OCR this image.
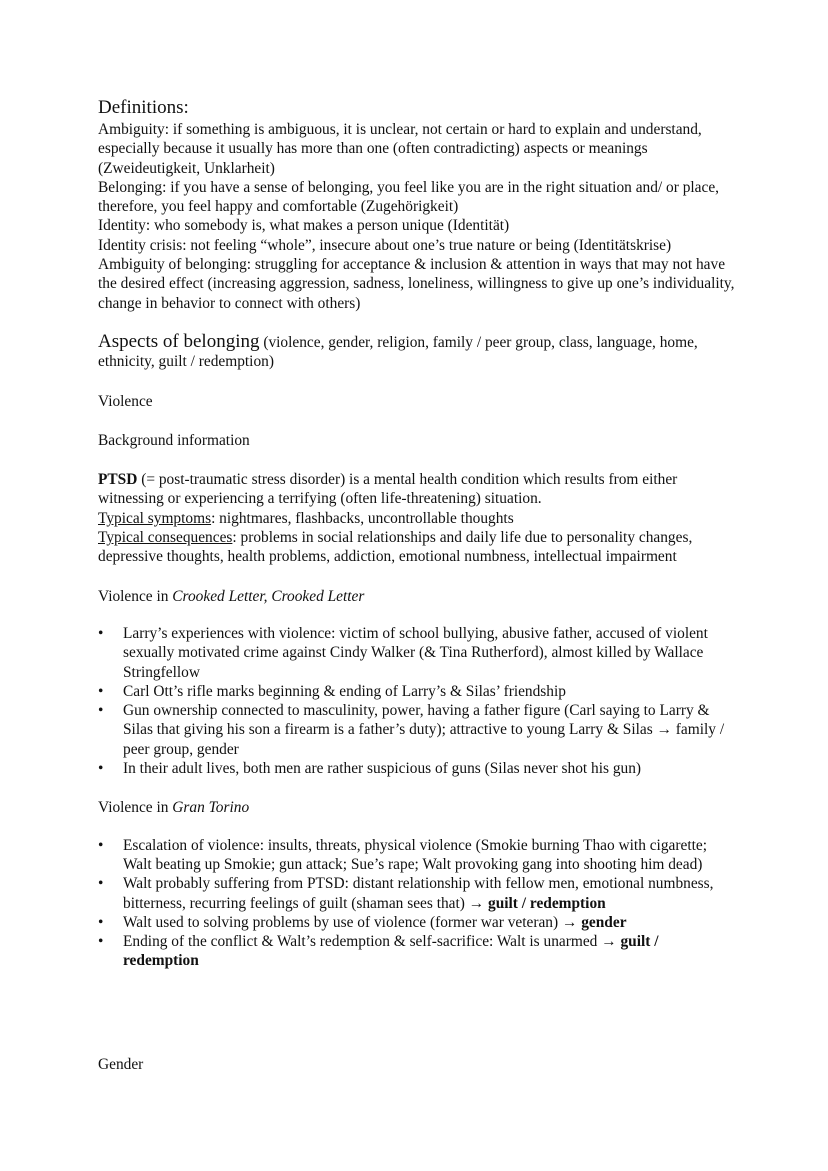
Definitions:

Ambiguity: if something is ambiguous, it is unclear, not certain or hard to explain and understand, especially because it usually has more than one (often contradicting) aspects or meanings (Zweideutigkeit, Unklarheit)

Belonging: if you have a sense of belonging, you feel like you are in the right situation and/ or place, therefore, you feel happy and comfortable (Zugehörigkeit)

Identity: who somebody is, what makes a person unique (Identität)

Identity crisis: not feeling “whole”, insecure about one’s true nature or being (Identitätskrise)

Ambiguity of belonging: struggling for acceptance & inclusion & attention in ways that may not have the desired effect (increasing aggression, sadness, loneliness, willingness to give up one’s individuality, change in behavior to connect with others)

Aspects of belonging (violence, gender, religion, family / peer group, class, language, home, ethnicity, guilt / redemption)

Violence

Background information

PTSD (= post-traumatic stress disorder) is a mental health condition which results from either witnessing or experiencing a terrifying (often life-threatening) situation.

Typical symptoms: nightmares, flashbacks, uncontrollable thoughts

Typical consequences: problems in social relationships and daily life due to personality changes, depressive thoughts, health problems, addiction, emotional numbness, intellectual impairment

Violence in Crooked Letter, Crooked Letter

• Larry’s experiences with violence: victim of school bullying, abusive father, accused of violent sexually motivated crime against Cindy Walker (& Tina Rutherford), almost killed by Wallace Stringfellow
• Carl Ott’s rifle marks beginning & ending of Larry’s & Silas’ friendship
• Gun ownership connected to masculinity, power, having a father figure (Carl saying to Larry & Silas that giving his son a firearm is a father’s duty); attractive to young Larry & Silas → family / peer group, gender
• In their adult lives, both men are rather suspicious of guns (Silas never shot his gun)

Violence in Gran Torino

• Escalation of violence: insults, threats, physical violence (Smokie burning Thao with cigarette; Walt beating up Smokie; gun attack; Sue’s rape; Walt provoking gang into shooting him dead)
• Walt probably suffering from PTSD: distant relationship with fellow men, emotional numbness, bitterness, recurring feelings of guilt (shaman sees that) → guilt / redemption
• Walt used to solving problems by use of violence (former war veteran) → gender
• Ending of the conflict & Walt’s redemption & self-sacrifice: Walt is unarmed → guilt / redemption
Gender
